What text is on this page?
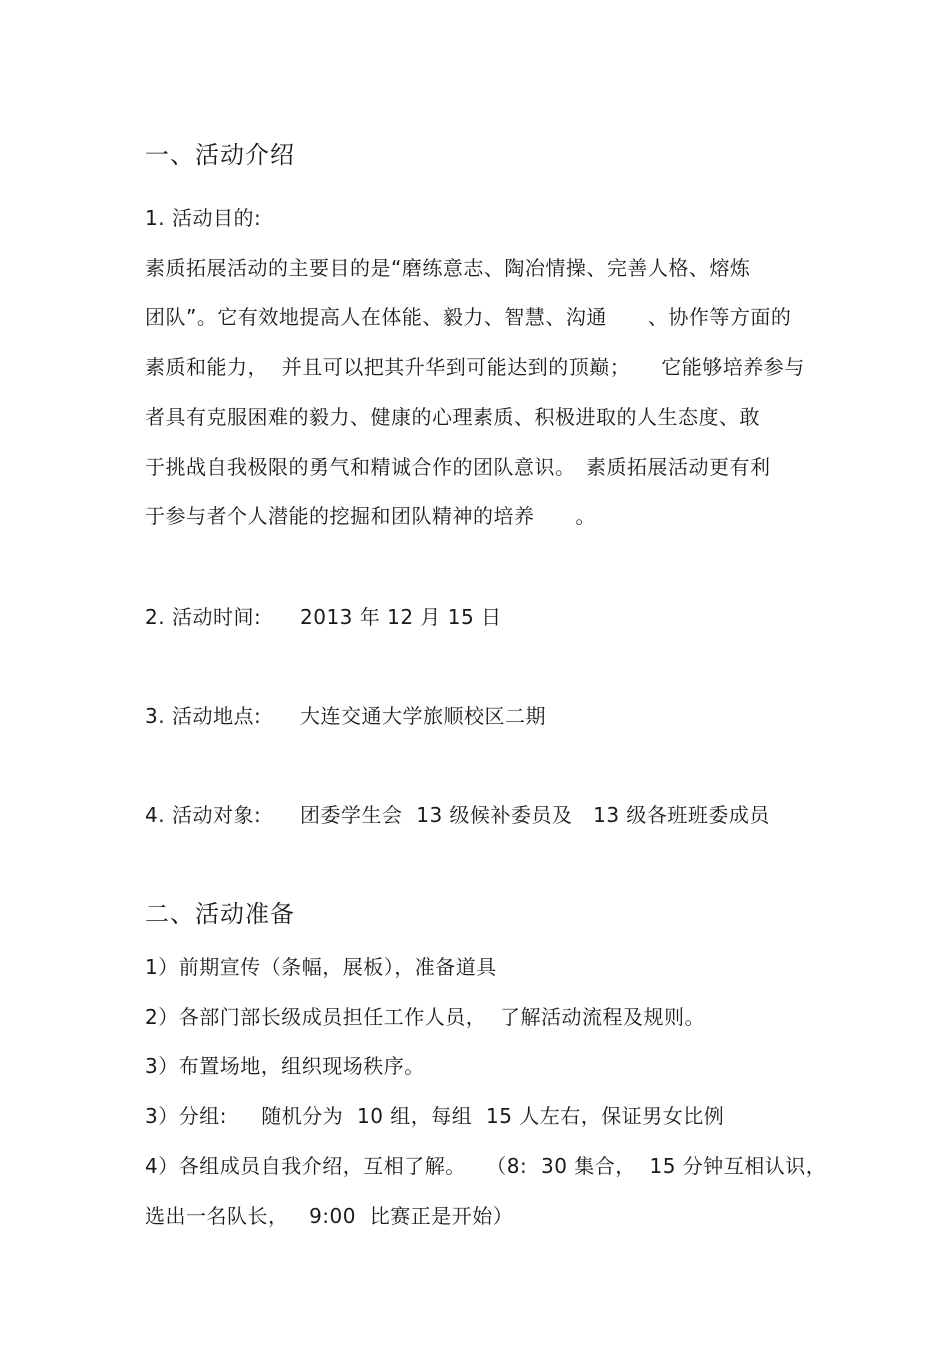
一、活动介绍
1. 活动目的:
素质拓展活动的主要目的是“磨练意志、陶冶情操、完善人格、熔炼
团队”。它有效地提高人在体能、毅力、智慧、沟通　　、协作等方面的
素质和能力，  并且可以把其升华到可能达到的顶巅；　　它能够培养参与
者具有克服困难的毅力、健康的心理素质、积极进取的人生态度、敢
于挑战自我极限的勇气和精诚合作的团队意识。　素质拓展活动更有利
于参与者个人潜能的挖掘和团队精神的培养　　。
2. 活动时间: 2013 年 12 月 15 日
3. 活动地点: 大连交通大学旅顺校区二期
4. 活动对象: 团委学生会  13 级候补委员及   13 级各班班委成员
二、活动准备
1）前期宣传（条幅，展板），准备道具
2）各部门部长级成员担任工作人员，  了解活动流程及规则。
3）布置场地，组织现场秩序。
3）分组:     随机分为  10 组，每组  15 人左右，保证男女比例
4）各组成员自我介绍，互相了解。   （8:  30 集合，  15 分钟互相认识，
选出一名队长，   9:00  比赛正是开始）
